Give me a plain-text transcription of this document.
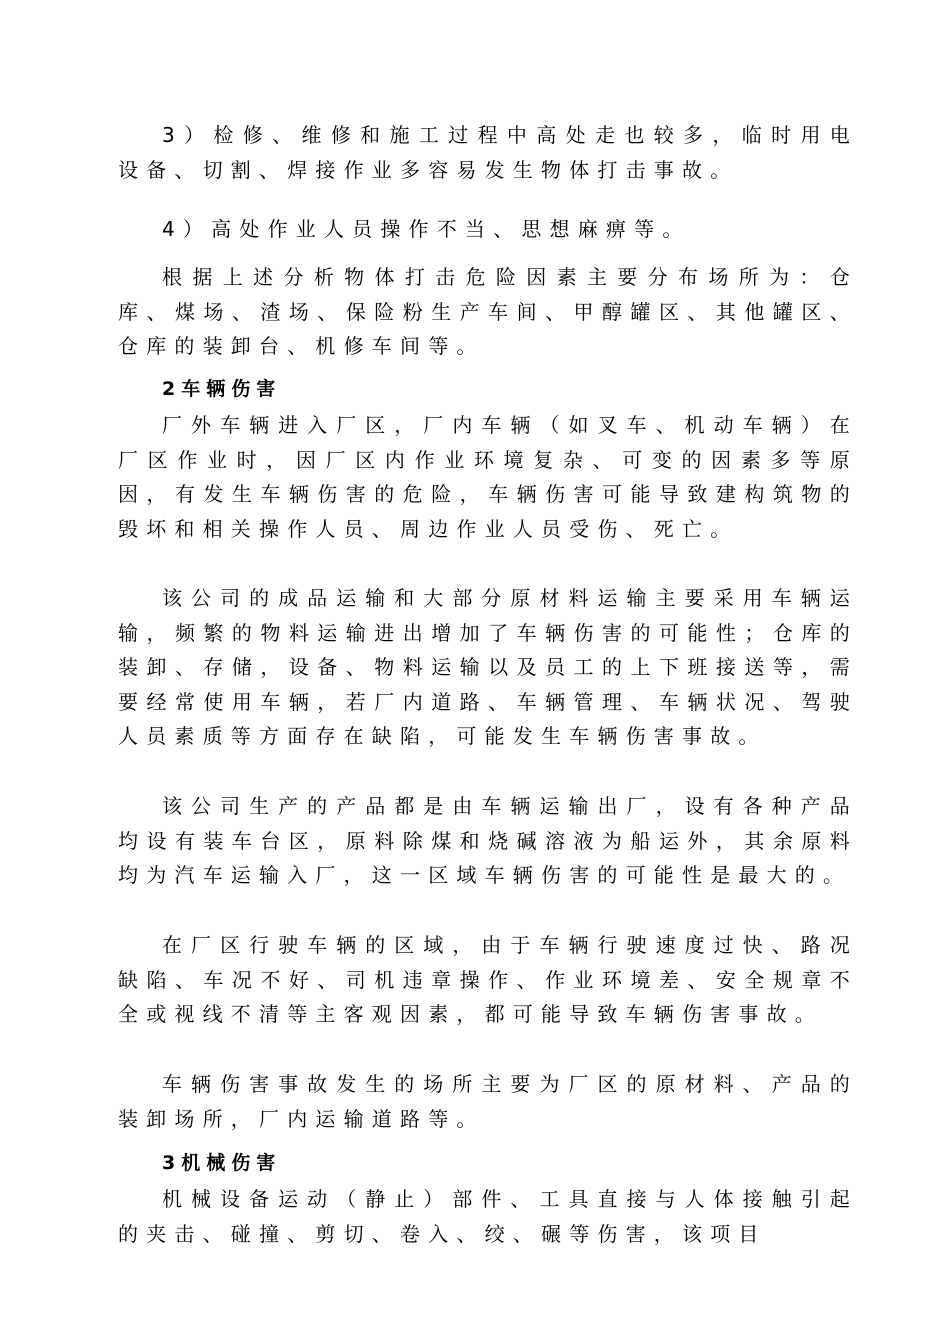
3）检修、维修和施工过程中高处走也较多，临时用电设备、切割、焊接作业多容易发生物体打击事故。

4）高处作业人员操作不当、思想麻痹等。

根据上述分析物体打击危险因素主要分布场所为：仓库、煤场、渣场、保险粉生产车间、甲醇罐区、其他罐区、仓库的装卸台、机修车间等。

2车辆伤害

厂外车辆进入厂区，厂内车辆（如叉车、机动车辆）在厂区作业时，因厂区内作业环境复杂、可变的因素多等原因，有发生车辆伤害的危险，车辆伤害可能导致建构筑物的毁坏和相关操作人员、周边作业人员受伤、死亡。

该公司的成品运输和大部分原材料运输主要采用车辆运输，频繁的物料运输进出增加了车辆伤害的可能性；仓库的装卸、存储，设备、物料运输以及员工的上下班接送等，需要经常使用车辆，若厂内道路、车辆管理、车辆状况、驾驶人员素质等方面存在缺陷，可能发生车辆伤害事故。

该公司生产的产品都是由车辆运输出厂，设有各种产品均设有装车台区，原料除煤和烧碱溶液为船运外，其余原料均为汽车运输入厂，这一区域车辆伤害的可能性是最大的。

在厂区行驶车辆的区域，由于车辆行驶速度过快、路况缺陷、车况不好、司机违章操作、作业环境差、安全规章不全或视线不清等主客观因素，都可能导致车辆伤害事故。

车辆伤害事故发生的场所主要为厂区的原材料、产品的装卸场所，厂内运输道路等。

3机械伤害

机械设备运动（静止）部件、工具直接与人体接触引起的夹击、碰撞、剪切、卷入、绞、碾等伤害，该项目
